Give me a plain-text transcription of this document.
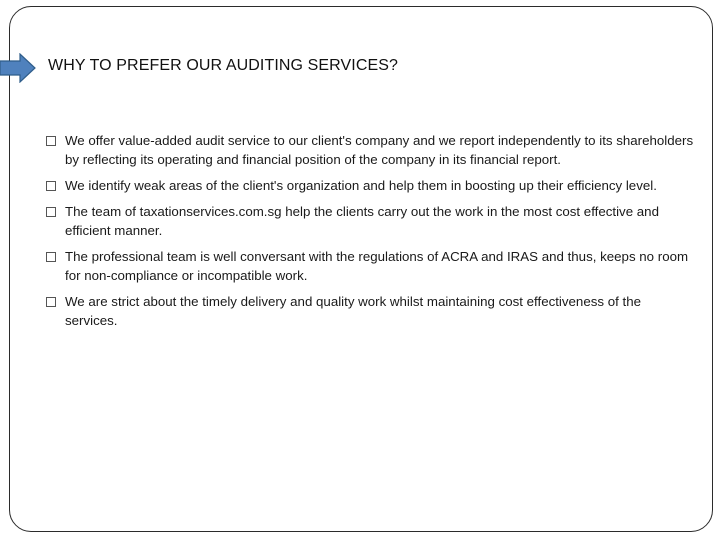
WHY TO PREFER OUR AUDITING SERVICES?
We offer value-added audit service to our client's company and we report independently to its shareholders by reflecting its operating and financial position of the company in its financial report.
We identify weak areas of the client's organization and help them in boosting up their efficiency level.
The team of taxationservices.com.sg help the clients carry out the work in the most cost effective and efficient manner.
The professional team is well conversant with the regulations of ACRA and IRAS and thus, keeps no room for non-compliance or incompatible work.
We are strict about the timely delivery and quality work whilst maintaining cost effectiveness of the services.
